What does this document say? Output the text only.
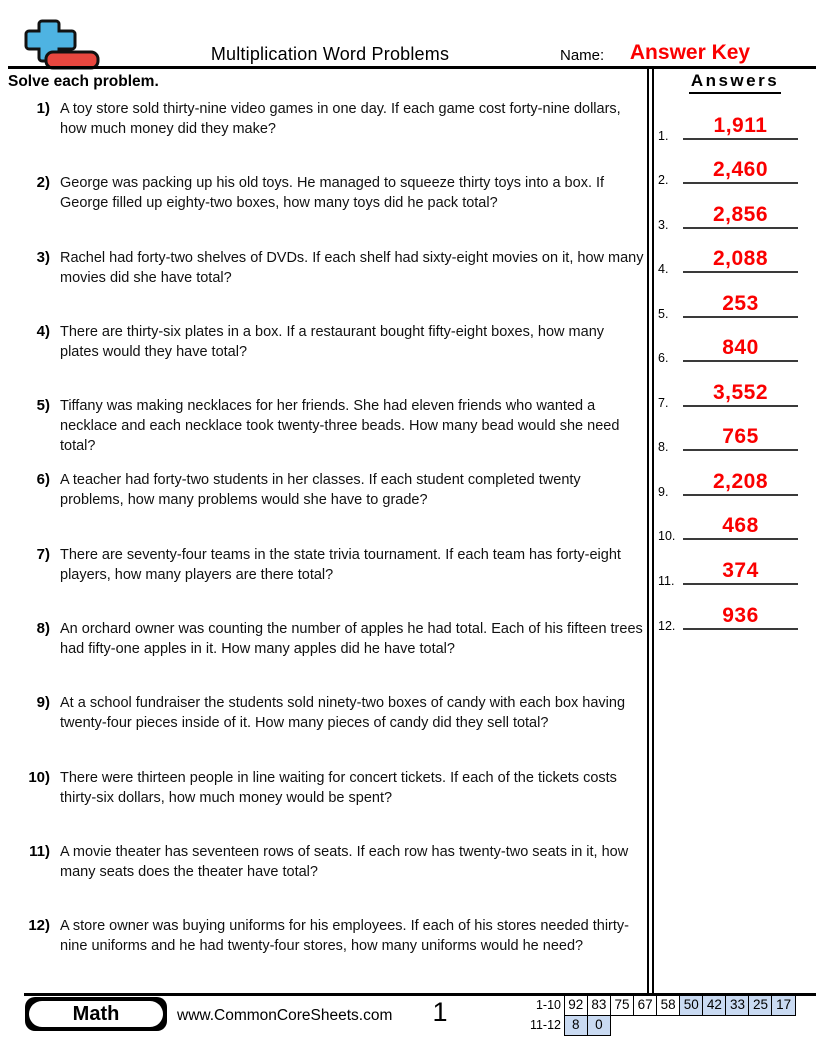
Multiplication Word Problems	Name:	Answer Key
Solve each problem.	Answers
1.	1,911
2.	2,460
3.	2,856
4.	2,088
5.	253
6.	840
7.	3,552
8.	765
9.	2,208
10.	468
11.	374
12.	936
1) A toy store sold thirty-nine video games in one day. If each game cost forty-nine dollars, how much money did they make?
2) George was packing up his old toys. He managed to squeeze thirty toys into a box. If George filled up eighty-two boxes, how many toys did he pack total?
3) Rachel had forty-two shelves of DVDs. If each shelf had sixty-eight movies on it, how many movies did she have total?
4) There are thirty-six plates in a box. If a restaurant bought fifty-eight boxes, how many plates would they have total?
5) Tiffany was making necklaces for her friends. She had eleven friends who wanted a necklace and each necklace took twenty-three beads. How many bead would she need total?
6) A teacher had forty-two students in her classes. If each student completed twenty problems, how many problems would she have to grade?
7) There are seventy-four teams in the state trivia tournament. If each team has forty-eight players, how many players are there total?
8) An orchard owner was counting the number of apples he had total. Each of his fifteen trees had fifty-one apples in it. How many apples did he have total?
9) At a school fundraiser the students sold ninety-two boxes of candy with each box having twenty-four pieces inside of it. How many pieces of candy did they sell total?
10) There were thirteen people in line waiting for concert tickets. If each of the tickets costs thirty-six dollars, how much money would be spent?
11) A movie theater has seventeen rows of seats. If each row has twenty-two seats in it, how many seats does the theater have total?
12) A store owner was buying uniforms for his employees. If each of his stores needed thirty-nine uniforms and he had twenty-four stores, how many uniforms would he need?
Math	www.CommonCoreSheets.com	1	1-10 92 83 75 67 58 50 42 33 25 17
11-12 8	0
